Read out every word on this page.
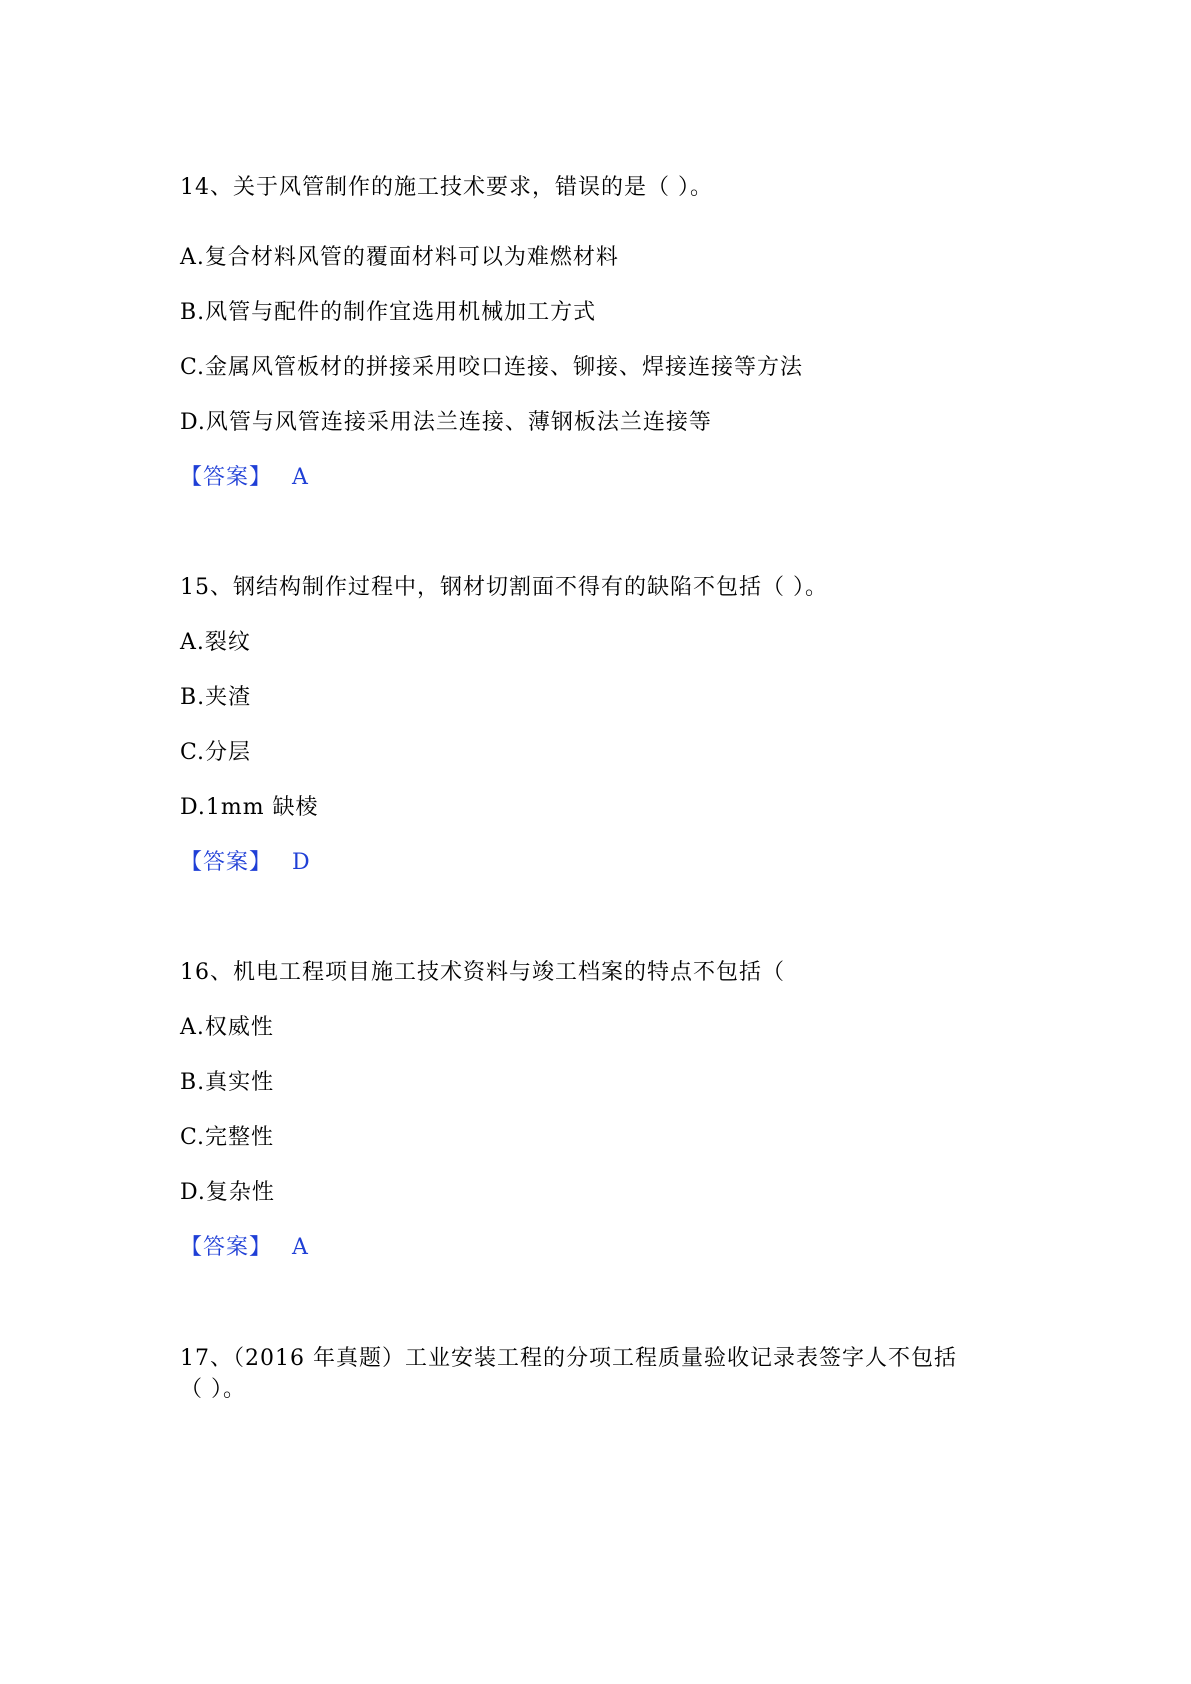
14、关于风管制作的施工技术要求，错误的是（ ）。
A.复合材料风管的覆面材料可以为难燃材料
B.风管与配件的制作宜选用机械加工方式
C.金属风管板材的拼接采用咬口连接、铆接、焊接连接等方法
D.风管与风管连接采用法兰连接、薄钢板法兰连接等
【答案】 A
15、钢结构制作过程中，钢材切割面不得有的缺陷不包括（ ）。
A.裂纹
B.夹渣
C.分层
D.1mm 缺棱
【答案】 D
16、机电工程项目施工技术资料与竣工档案的特点不包括（
A.权威性
B.真实性
C.完整性
D.复杂性
【答案】 A
17、（2016 年真题）工业安装工程的分项工程质量验收记录表签字人不包括
（ ）。
